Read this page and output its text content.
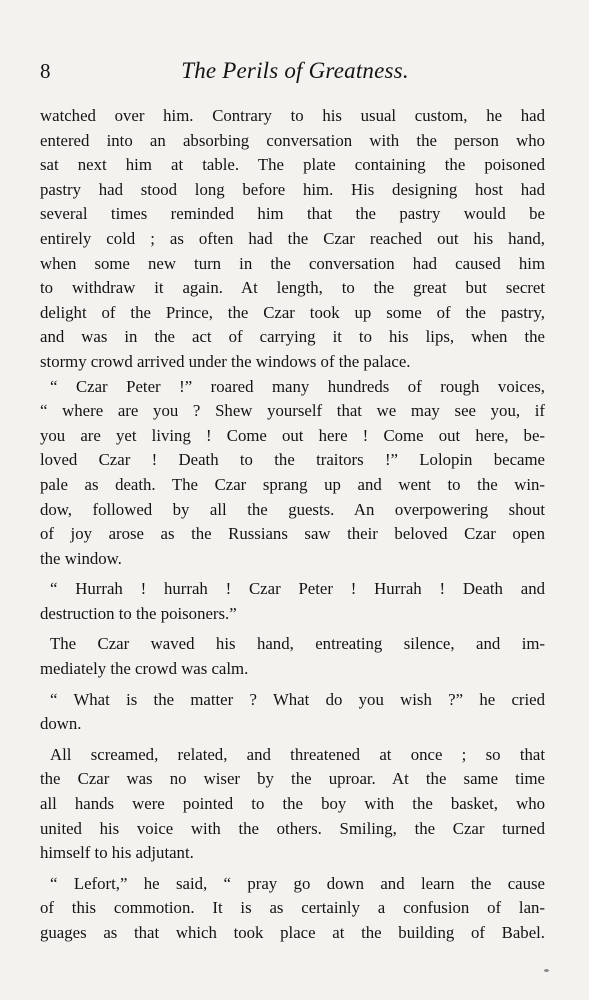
8	The Perils of Greatness.
watched over him. Contrary to his usual custom, he had
entered into an absorbing conversation with the person who
sat next him at table. The plate containing the poisoned
pastry had stood long before him. His designing host had
several times reminded him that the pastry would be
entirely cold ; as often had the Czar reached out his hand,
when some new turn in the conversation had caused him
to withdraw it again. At length, to the great but secret
delight of the Prince, the Czar took up some of the pastry,
and was in the act of carrying it to his lips, when the
stormy crowd arrived under the windows of the palace.
“ Czar Peter !” roared many hundreds of rough voices,
“ where are you ? Shew yourself that we may see you, if
you are yet living ! Come out here ! Come out here, be-
loved Czar ! Death to the traitors !” Lolopin became
pale as death. The Czar sprang up and went to the win-
dow, followed by all the guests. An overpowering shout
of joy arose as the Russians saw their beloved Czar open
the window.
“ Hurrah ! hurrah ! Czar Peter ! Hurrah ! Death and
destruction to the poisoners.”
The Czar waved his hand, entreating silence, and im-
mediately the crowd was calm.
“ What is the matter ? What do you wish ?” he cried
down.
All screamed, related, and threatened at once ; so that
the Czar was no wiser by the uproar. At the same time
all hands were pointed to the boy with the basket, who
united his voice with the others. Smiling, the Czar turned
himself to his adjutant.
“ Lefort,” he said, “ pray go down and learn the cause
of this commotion. It is as certainly a confusion of lan-
guages as that which took place at the building of Babel.
